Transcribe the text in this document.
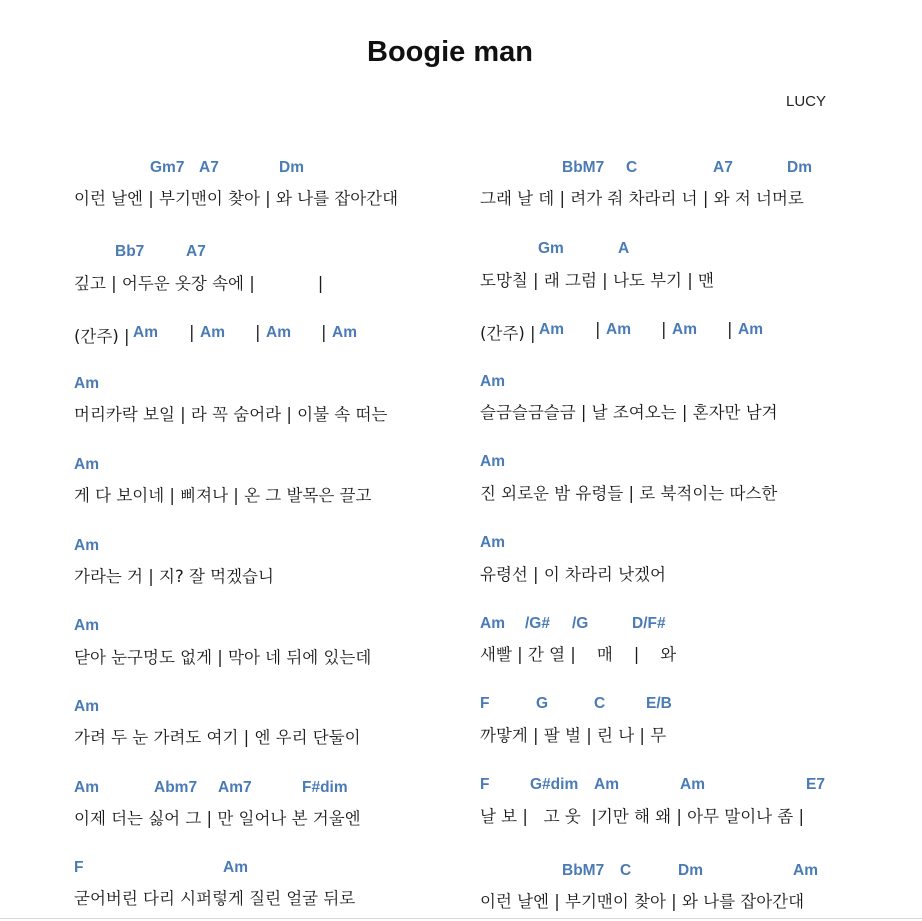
Boogie man
LUCY
Gm7 A7	Dm
이런 날엔 | 부기맨이 찾아 | 와 나를 잡아간대
Bb7	A7
깊고 | 어두운 옷장 속에 |            |
(간주) | Am | Am | Am | Am
Am
머리카락 보일 | 라 꼭 숨어라 | 이불 속 떠는
Am
게 다 보이네 | 삐져나 | 온 그 발목은 끌고
Am
가라는 거 | 지? 잘 먹겠습니
Am
닫아 눈구멍도 없게 | 막아 네 뒤에 있는데
Am
가려 두 눈 가려도 여기 | 엔 우리 단둘이
Am	Abm7 Am7	F#dim
이제 더는 싫어 그 | 만 일어나 본 거울엔
F	Am
굳어버린 다리 시퍼렇게 질린 얼굴 뒤로
BbM7 C	A7	Dm
그래 날 데 | 려가 줘 차라리 너 | 와 저 너머로
Gm	A
도망칠 | 래 그럼 | 나도 부기 | 맨
(간주) | Am | Am | Am | Am
Am
슬금슬금슬금 | 날 조여오는 | 혼자만 남겨
Am
진 외로운 밤 유령들 | 로 북적이는 따스한
Am
유령선 | 이 차라리 낫겠어
Am /G# /G	D/F#
새빨 | 간 열 |    매    |    와
F	G	C	E/B
까맣게 | 팔 벌 | 린 나 | 무
F	G#dim Am	Am	E7
날 보 |   고 웃  |기만 해 왜 | 아무 말이나 좀 |
BbM7 C	Dm	Am
이런 날엔 | 부기맨이 찾아 | 와 나를 잡아간대
